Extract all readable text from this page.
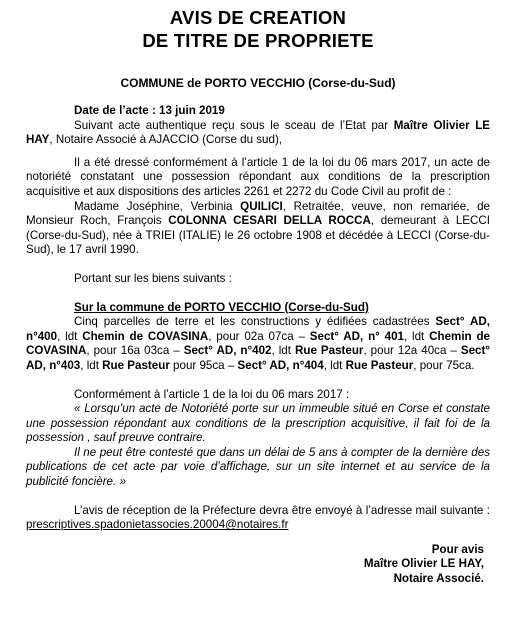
AVIS DE CREATION
DE TITRE DE PROPRIETE
COMMUNE de PORTO VECCHIO (Corse-du-Sud)

Date de l’acte : 13 juin 2019

Suivant acte authentique reçu sous le sceau de l’Etat par Maître Olivier LE HAY, Notaire Associé à AJACCIO (Corse du sud),

Il a été dressé conformément à l’article 1 de la loi du 06 mars 2017, un acte de notoriété constatant une possession répondant aux conditions de la prescription acquisitive et aux dispositions des articles 2261 et 2272 du Code Civil au profit de :

Madame Joséphine, Verbinia QUILICI, Retraitée, veuve, non remariée, de Monsieur Roch, François COLONNA CESARI DELLA ROCCA, demeurant à LECCI (Corse-du-Sud), née à TRIEI (ITALIE) le 26 octobre 1908 et décédée à LECCI (Corse-du-Sud), le 17 avril 1990.

Portant sur les biens suivants :

Sur la commune de PORTO VECCHIO (Corse-du-Sud)

Cinq parcelles de terre et les constructions y édifiées cadastrées Sect° AD, n°400, ldt Chemin de COVASINA, pour 02a 07ca – Sect° AD, n° 401, ldt Chemin de COVASINA, pour 16a 03ca – Sect° AD, n°402, ldt Rue Pasteur, pour 12a 40ca – Sect° AD, n°403, ldt Rue Pasteur pour 95ca – Sect° AD, n°404, ldt Rue Pasteur, pour 75ca.

Conformément à l’article 1 de la loi du 06 mars 2017 :

« Lorsqu’un acte de Notoriété porte sur un immeuble situé en Corse et constate une possession répondant aux conditions de la prescription acquisitive, il fait foi de la possession , sauf preuve contraire.

Il ne peut être contesté que dans un délai de 5 ans à compter de la dernière des publications de cet acte par voie d’affichage, sur un site internet et au service de la publicité foncière. »

L’avis de réception de la Préfecture devra être envoyé à l’adresse mail suivante : prescriptives.spadonietassocies.20004@notaires.fr

Pour avis
Maître Olivier LE HAY,
Notaire Associé.
